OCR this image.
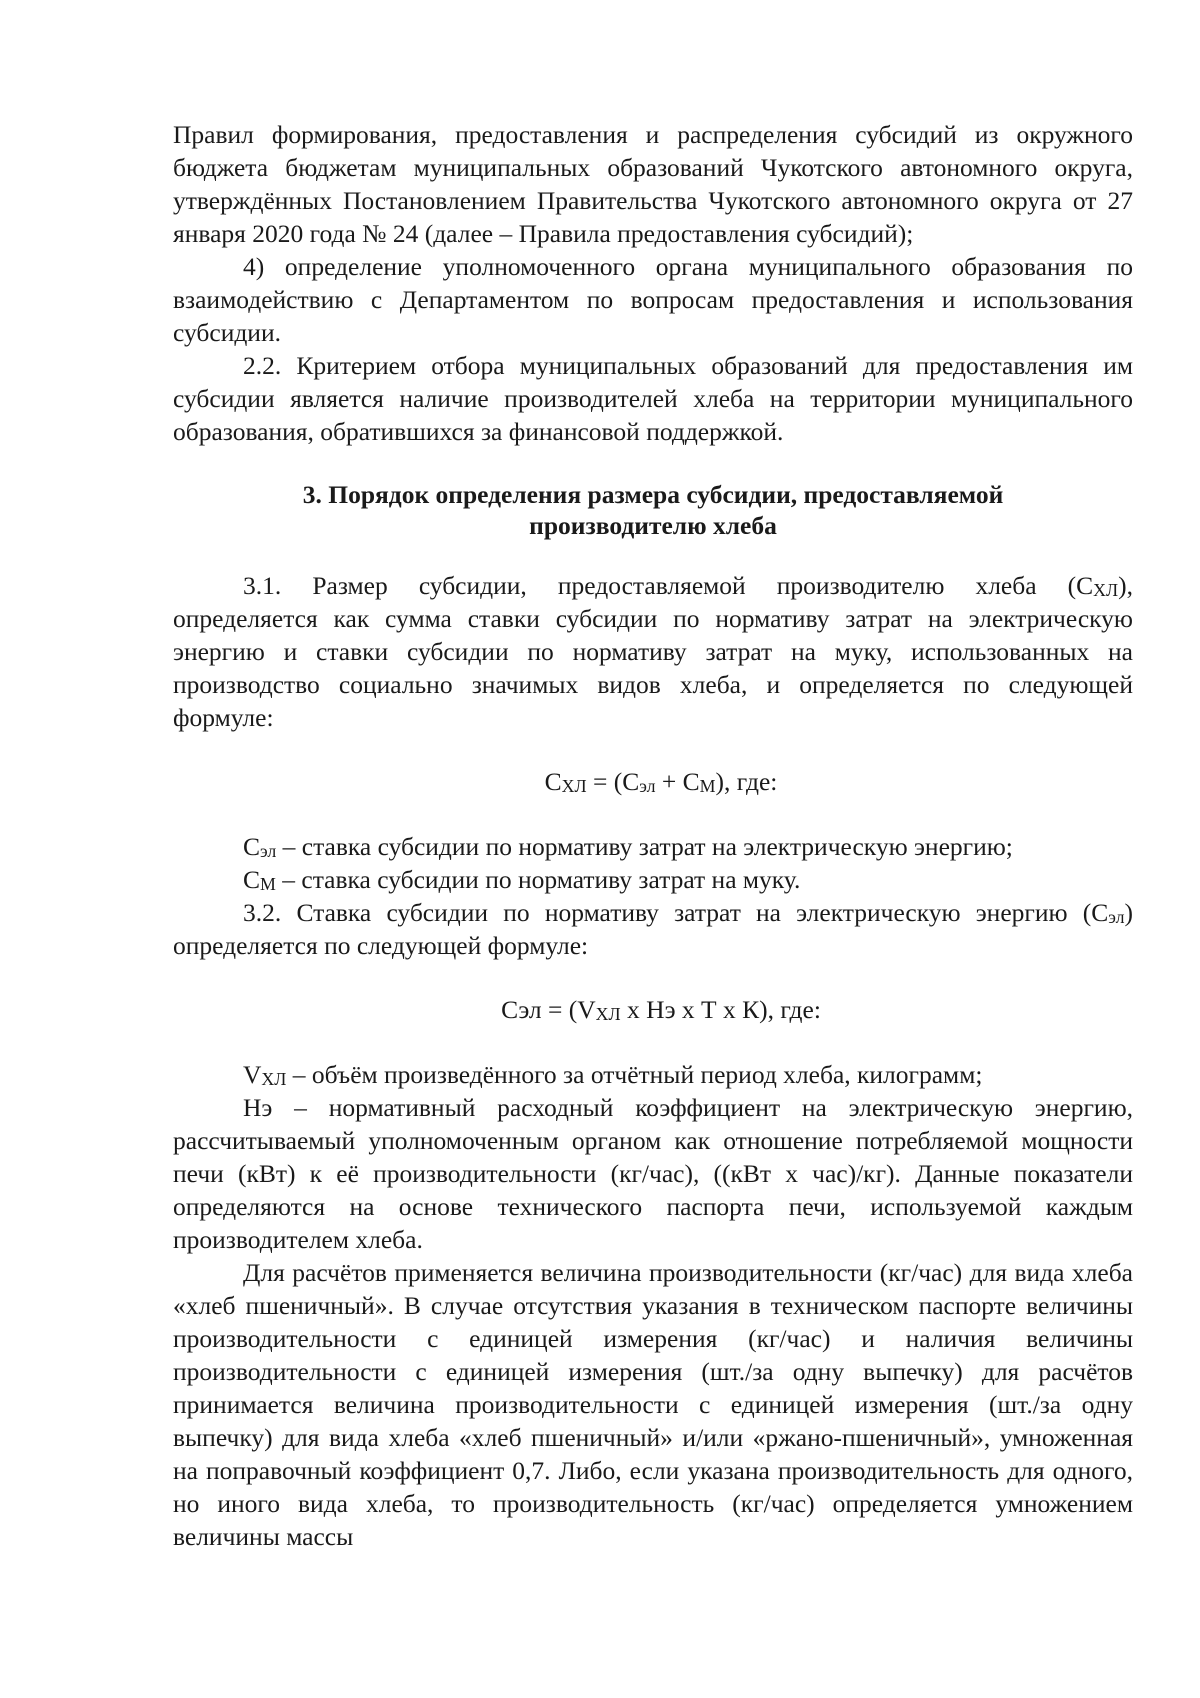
Правил формирования, предоставления и распределения субсидий из окружного бюджета бюджетам муниципальных образований Чукотского автономного округа, утверждённых Постановлением Правительства Чукотского автономного округа от 27 января 2020 года № 24 (далее – Правила предоставления субсидий);

4) определение уполномоченного органа муниципального образования по взаимодействию с Департаментом по вопросам предоставления и использования субсидии.

2.2. Критерием отбора муниципальных образований для предоставления им субсидии является наличие производителей хлеба на территории муниципального образования, обратившихся за финансовой поддержкой.

3. Порядок определения размера субсидии, предоставляемой
производителю хлеба

3.1. Размер субсидии, предоставляемой производителю хлеба $(С_{ХЛ})$, определяется как сумма ставки субсидии по нормативу затрат на электрическую энергию и ставки субсидии по нормативу затрат на муку, использованных на производство социально значимых видов хлеба, и определяется по следующей формуле:

$С_{ХЛ} = (С_{эл} + С_М)$, где:

$С_{эл}$ – ставка субсидии по нормативу затрат на электрическую энергию;

$С_М$ – ставка субсидии по нормативу затрат на муку.

3.2. Ставка субсидии по нормативу затрат на электрическую энергию $(С_{эл})$ определяется по следующей формуле:

Сэл = ($V_{ХЛ}$ x Нэ x Т x К), где:

$V_{ХЛ}$ – объём произведённого за отчётный период хлеба, килограмм;

Нэ – нормативный расходный коэффициент на электрическую энергию, рассчитываемый уполномоченным органом как отношение потребляемой мощности печи (кВт) к её производительности (кг/час), ((кВт x час)/кг). Данные показатели определяются на основе технического паспорта печи, используемой каждым производителем хлеба.

Для расчётов применяется величина производительности (кг/час) для вида хлеба «хлеб пшеничный». В случае отсутствия указания в техническом паспорте величины производительности с единицей измерения (кг/час) и наличия величины производительности с единицей измерения (шт./за одну выпечку) для расчётов принимается величина производительности с единицей измерения (шт./за одну выпечку) для вида хлеба «хлеб пшеничный» и/или «ржано-пшеничный», умноженная на поправочный коэффициент 0,7. Либо, если указана производительность для одного, но иного вида хлеба, то производительность (кг/час) определяется умножением величины массы
